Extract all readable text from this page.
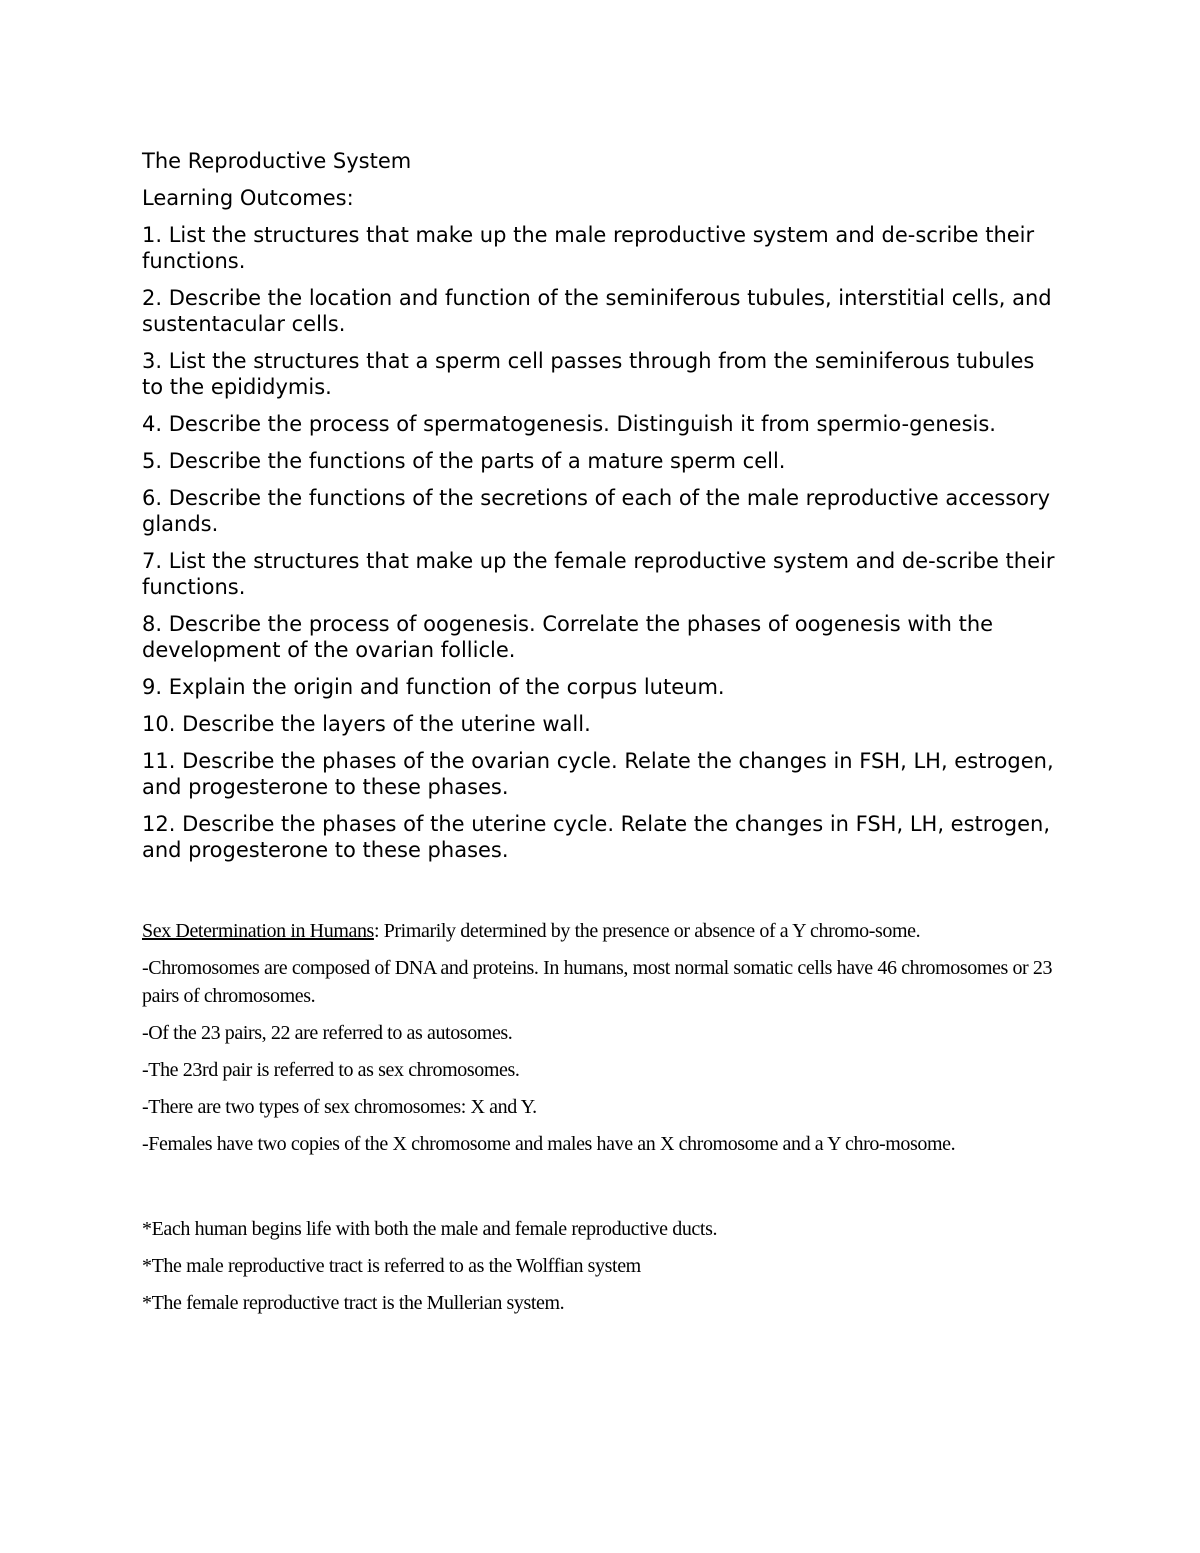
The Reproductive System

Learning Outcomes:

1. List the structures that make up the male reproductive system and de-scribe their functions.

2. Describe the location and function of the seminiferous tubules, interstitial cells, and sustentacular cells.

3. List the structures that a sperm cell passes through from the seminiferous tubules to the epididymis.

4. Describe the process of spermatogenesis. Distinguish it from spermio-genesis.

5. Describe the functions of the parts of a mature sperm cell.

6. Describe the functions of the secretions of each of the male reproductive accessory glands.

7. List the structures that make up the female reproductive system and de-scribe their functions.

8. Describe the process of oogenesis. Correlate the phases of oogenesis with the development of the ovarian follicle.

9. Explain the origin and function of the corpus luteum.

10. Describe the layers of the uterine wall.

11. Describe the phases of the ovarian cycle. Relate the changes in FSH, LH, estrogen, and progesterone to these phases.

12. Describe the phases of the uterine cycle. Relate the changes in FSH, LH, estrogen, and progesterone to these phases.

Sex Determination in Humans: Primarily determined by the presence or absence of a Y chromo-some.

-Chromosomes are composed of DNA and proteins. In humans, most normal somatic cells have 46 chromosomes or 23 pairs of chromosomes.

-Of the 23 pairs, 22 are referred to as autosomes.

-The 23rd pair is referred to as sex chromosomes.

-There are two types of sex chromosomes: X and Y.

-Females have two copies of the X chromosome and males have an X chromosome and a Y chro-mosome.

*Each human begins life with both the male and female reproductive ducts.

*The male reproductive tract is referred to as the Wolffian system

*The female reproductive tract is the Mullerian system.
